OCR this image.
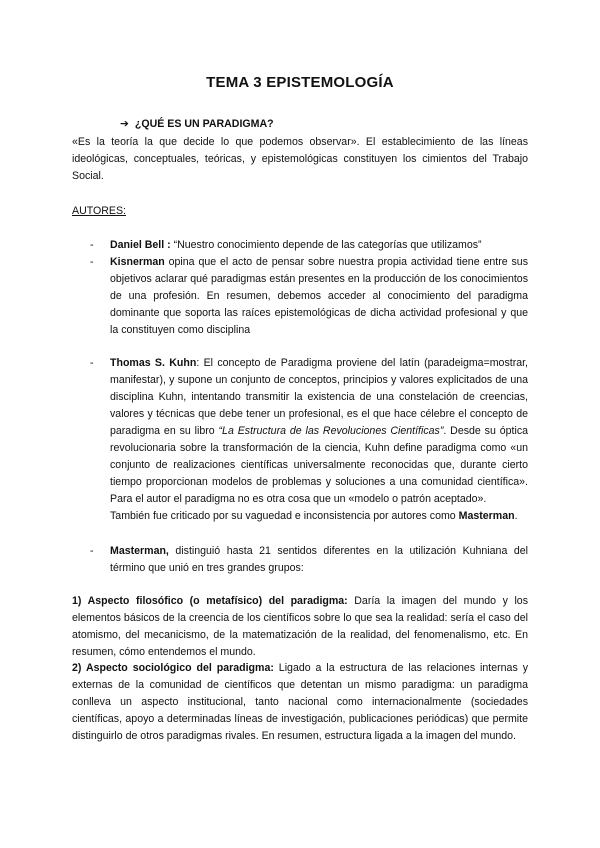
TEMA 3 EPISTEMOLOGÍA
➔ ¿QUÉ ES UN PARADIGMA?
«Es la teoría la que decide lo que podemos observar». El establecimiento de las líneas ideológicas, conceptuales, teóricas, y epistemológicas constituyen los cimientos del Trabajo Social.
AUTORES:
- Daniel Bell : “Nuestro conocimiento depende de las categorías que utilizamos”
- Kisnerman opina que el acto de pensar sobre nuestra propia actividad tiene entre sus objetivos aclarar qué paradigmas están presentes en la producción de los conocimientos de una profesión. En resumen, debemos acceder al conocimiento del paradigma dominante que soporta las raíces epistemológicas de dicha actividad profesional y que la constituyen como disciplina
- Thomas S. Kuhn: El concepto de Paradigma proviene del latín (paradeigma=mostrar, manifestar), y supone un conjunto de conceptos, principios y valores explicitados de una disciplina Kuhn, intentando transmitir la existencia de una constelación de creencias, valores y técnicas que debe tener un profesional, es el que hace célebre el concepto de paradigma en su libro “La Estructura de las Revoluciones Científicas”. Desde su óptica revolucionaria sobre la transformación de la ciencia, Kuhn define paradigma como «un conjunto de realizaciones científicas universalmente reconocidas que, durante cierto tiempo proporcionan modelos de problemas y soluciones a una comunidad científica». Para el autor el paradigma no es otra cosa que un «modelo o patrón aceptado».
También fue criticado por su vaguedad e inconsistencia por autores como Masterman.
- Masterman, distinguió hasta 21 sentidos diferentes en la utilización Kuhniana del término que unió en tres grandes grupos:
1) Aspecto filosófico (o metafísico) del paradigma: Daría la imagen del mundo y los elementos básicos de la creencia de los científicos sobre lo que sea la realidad: sería el caso del atomismo, del mecanicismo, de la matematización de la realidad, del fenomenalismo, etc. En resumen, cómo entendemos el mundo.
2) Aspecto sociológico del paradigma: Ligado a la estructura de las relaciones internas y externas de la comunidad de científicos que detentan un mismo paradigma: un paradigma conlleva un aspecto institucional, tanto nacional como internacionalmente (sociedades científicas, apoyo a determinadas líneas de investigación, publicaciones periódicas) que permite distinguirlo de otros paradigmas rivales. En resumen, estructura ligada a la imagen del mundo.
